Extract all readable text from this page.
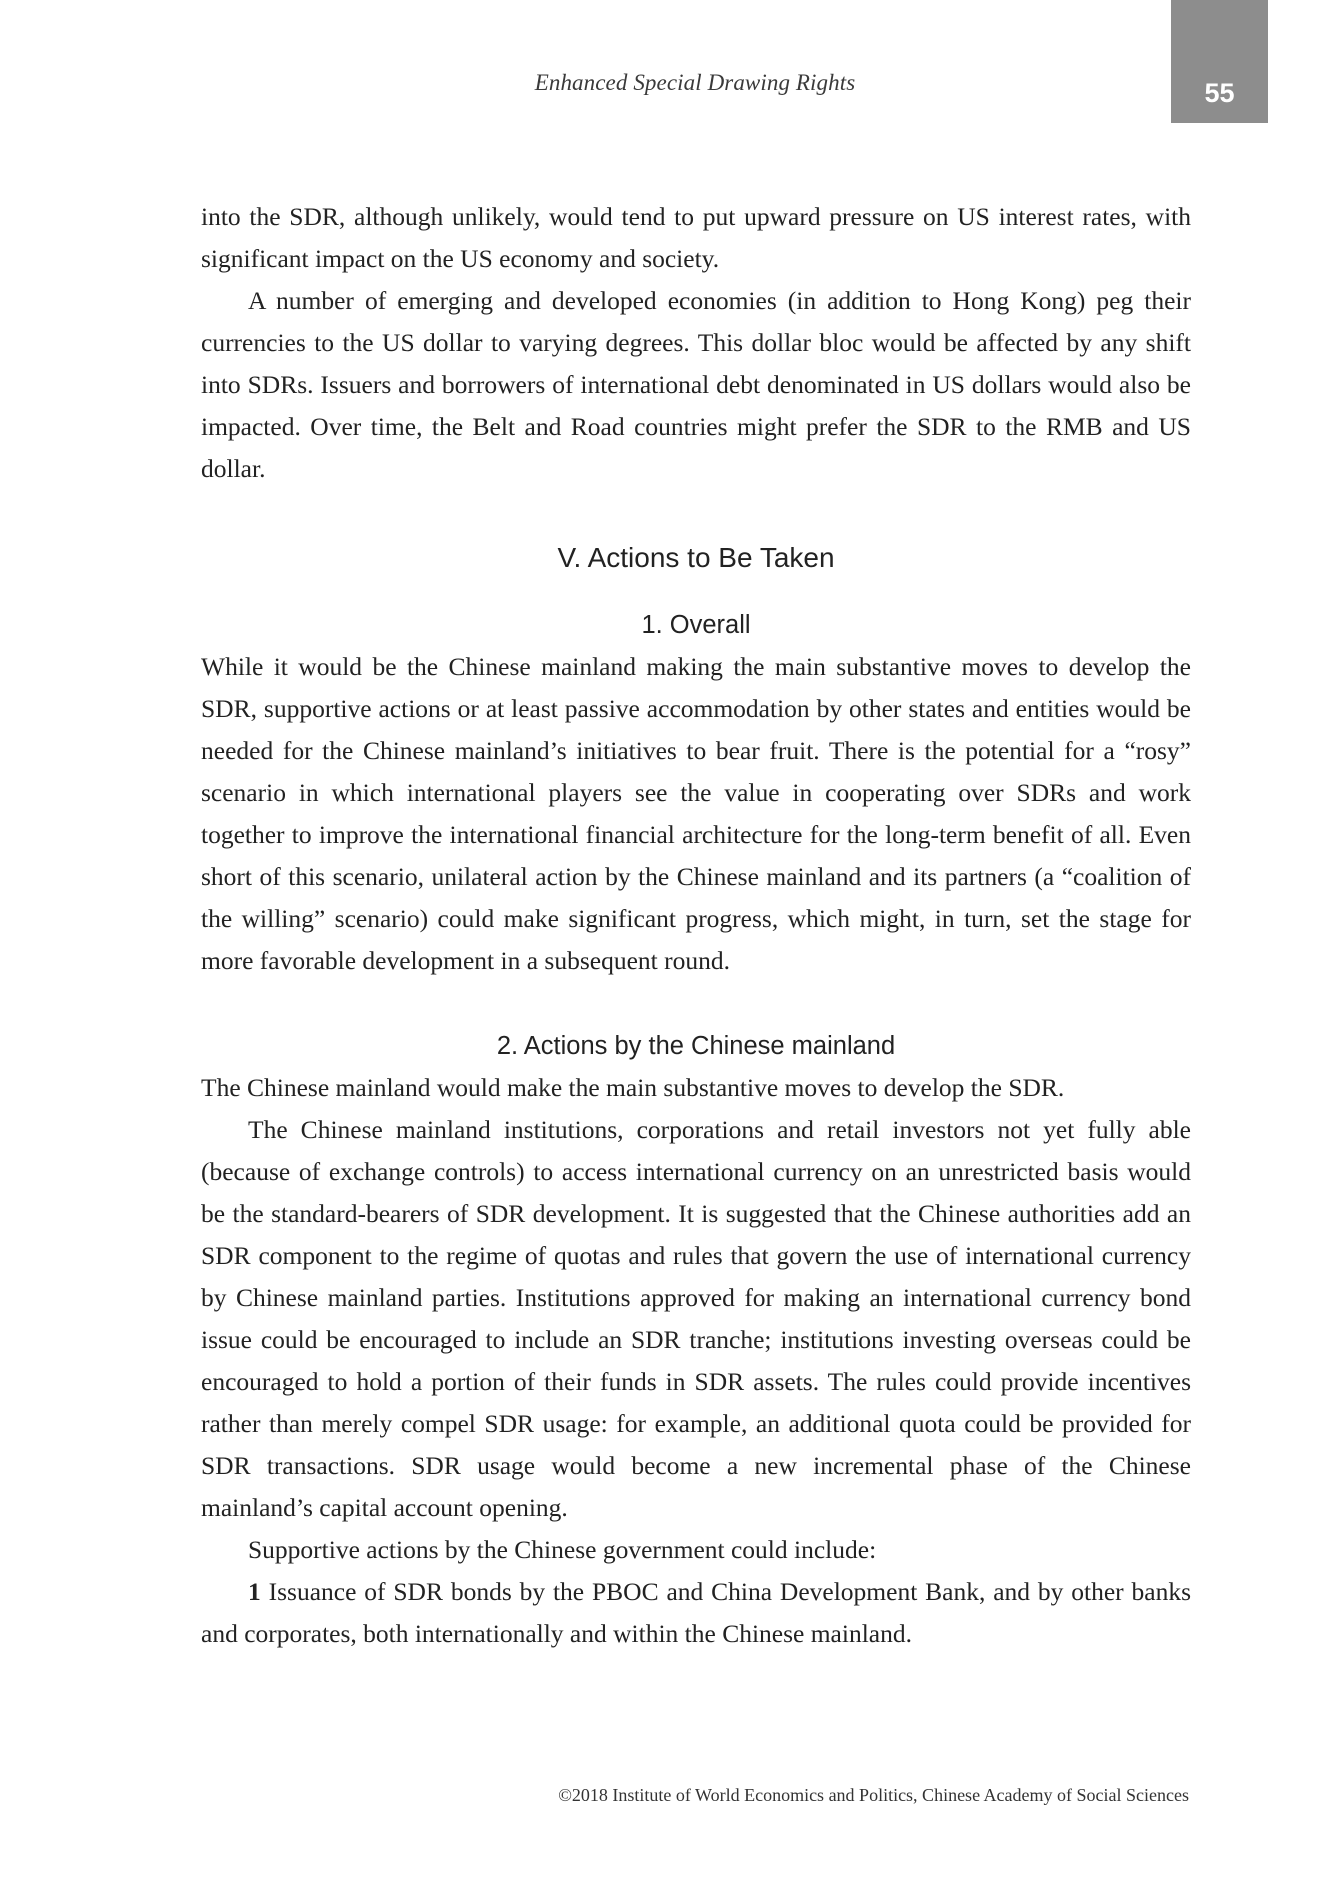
Enhanced Special Drawing Rights	55

into the SDR, although unlikely, would tend to put upward pressure on US interest rates, with significant impact on the US economy and society.

A number of emerging and developed economies (in addition to Hong Kong) peg their currencies to the US dollar to varying degrees. This dollar bloc would be affected by any shift into SDRs. Issuers and borrowers of international debt denominated in US dollars would also be impacted. Over time, the Belt and Road countries might prefer the SDR to the RMB and US dollar.

V. Actions to Be Taken
1. Overall

While it would be the Chinese mainland making the main substantive moves to develop the SDR, supportive actions or at least passive accommodation by other states and entities would be needed for the Chinese mainland’s initiatives to bear fruit. There is the potential for a “rosy” scenario in which international players see the value in cooperating over SDRs and work together to improve the international financial architecture for the long-term benefit of all. Even short of this scenario, unilateral action by the Chinese mainland and its partners (a “coalition of the willing” scenario) could make significant progress, which might, in turn, set the stage for more favorable development in a subsequent round.

2. Actions by the Chinese mainland

The Chinese mainland would make the main substantive moves to develop the SDR.

The Chinese mainland institutions, corporations and retail investors not yet fully able (because of exchange controls) to access international currency on an unrestricted basis would be the standard-bearers of SDR development. It is suggested that the Chinese authorities add an SDR component to the regime of quotas and rules that govern the use of international currency by Chinese mainland parties. Institutions approved for making an international currency bond issue could be encouraged to include an SDR tranche; institutions investing overseas could be encouraged to hold a portion of their funds in SDR assets. The rules could provide incentives rather than merely compel SDR usage: for example, an additional quota could be provided for SDR transactions. SDR usage would become a new incremental phase of the Chinese mainland’s capital account opening.

Supportive actions by the Chinese government could include:

1 Issuance of SDR bonds by the PBOC and China Development Bank, and by other banks and corporates, both internationally and within the Chinese mainland.

©2018 Institute of World Economics and Politics, Chinese Academy of Social Sciences
